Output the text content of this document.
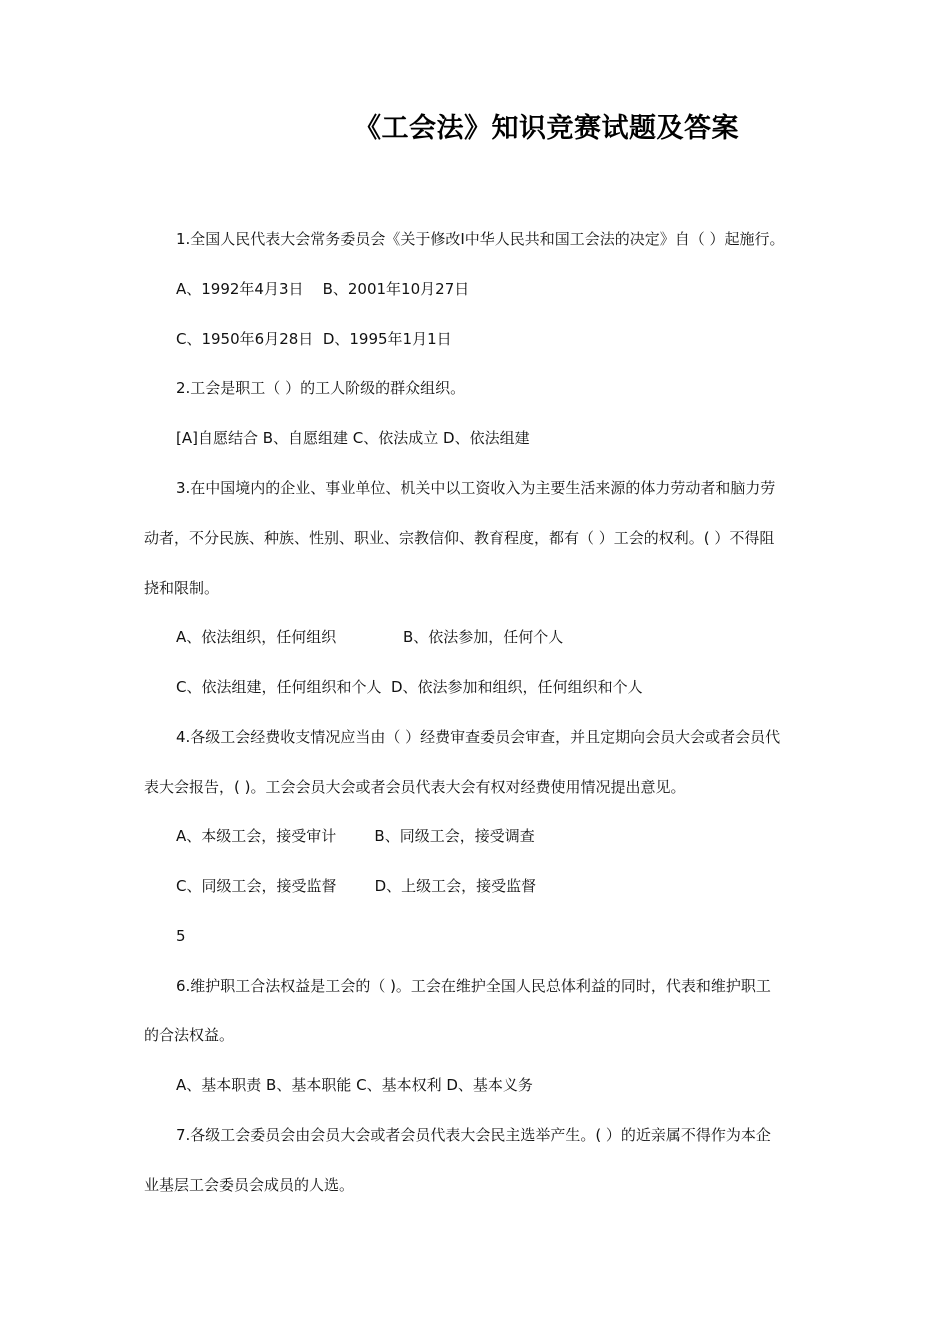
《工会法》知识竞赛试题及答案
1.全国人民代表大会常务委员会《关于修改I中华人民共和国工会法的决定》自（ ）起施行。
A、1992年4月3日    B、2001年10月27日
C、1950年6月28日  D、1995年1月1日
2.工会是职工（ ）的工人阶级的群众组织。
[A]自愿结合 B、自愿组建 C、依法成立 D、依法组建
3.在中国境内的企业、事业单位、机关中以工资收入为主要生活来源的体力劳动者和脑力劳
动者，不分民族、种族、性别、职业、宗教信仰、教育程度，都有（ ）工会的权利。( ）不得阻
挠和限制。
A、依法组织，任何组织              B、依法参加，任何个人
C、依法组建，任何组织和个人  D、依法参加和组织，任何组织和个人
4.各级工会经费收支情况应当由（ ）经费审查委员会审查，并且定期向会员大会或者会员代
表大会报告，( )。工会会员大会或者会员代表大会有权对经费使用情况提出意见。
A、本级工会，接受审计        B、同级工会，接受调查
C、同级工会，接受监督        D、上级工会，接受监督
5
6.维护职工合法权益是工会的（ )。工会在维护全国人民总体利益的同时，代表和维护职工
的合法权益。
A、基本职责 B、基本职能 C、基本权利 D、基本义务
7.各级工会委员会由会员大会或者会员代表大会民主选举产生。( ）的近亲属不得作为本企
业基层工会委员会成员的人选。
